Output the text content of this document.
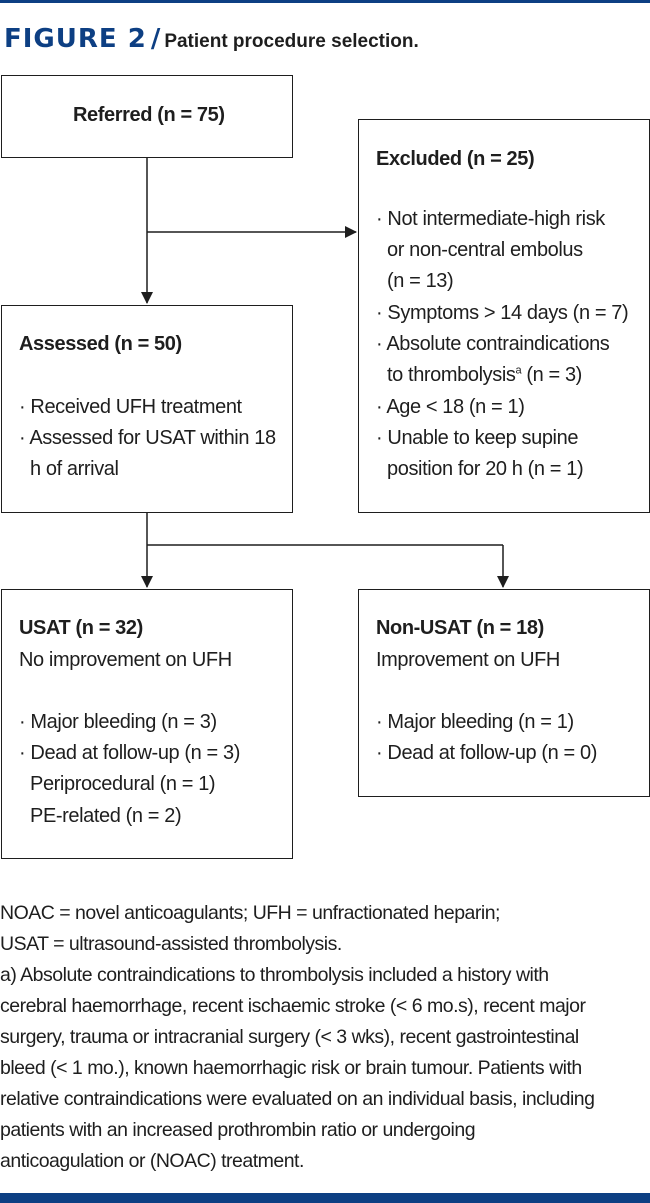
FIGURE 2 / Patient procedure selection.
Referred (n = 75)
Excluded (n = 25)
· Not intermediate-high risk
or non-central embolus
(n = 13)
· Symptoms > 14 days (n = 7)
· Absolute contraindications
to thrombolysis$^a$ (n = 3)
· Age < 18 (n = 1)
· Unable to keep supine
position for 20 h (n = 1)
Assessed (n = 50)
· Received UFH treatment
· Assessed for USAT within 18
h of arrival
USAT (n = 32)
No improvement on UFH
· Major bleeding (n = 3)
· Dead at follow-up (n = 3)
Periprocedural (n = 1)
PE-related (n = 2)
Non-USAT (n = 18)
Improvement on UFH
· Major bleeding (n = 1)
· Dead at follow-up (n = 0)
NOAC = novel anticoagulants; UFH = unfractionated heparin;
USAT = ultrasound-assisted thrombolysis.
a) Absolute contraindications to thrombolysis included a history with
cerebral haemorrhage, recent ischaemic stroke (< 6 mo.s), recent major
surgery, trauma or intracranial surgery (< 3 wks), recent gastrointestinal
bleed (< 1 mo.), known haemorrhagic risk or brain tumour. Patients with
relative contraindications were evaluated on an individual basis, including
patients with an increased prothrombin ratio or undergoing
anticoagulation or (NOAC) treatment.
